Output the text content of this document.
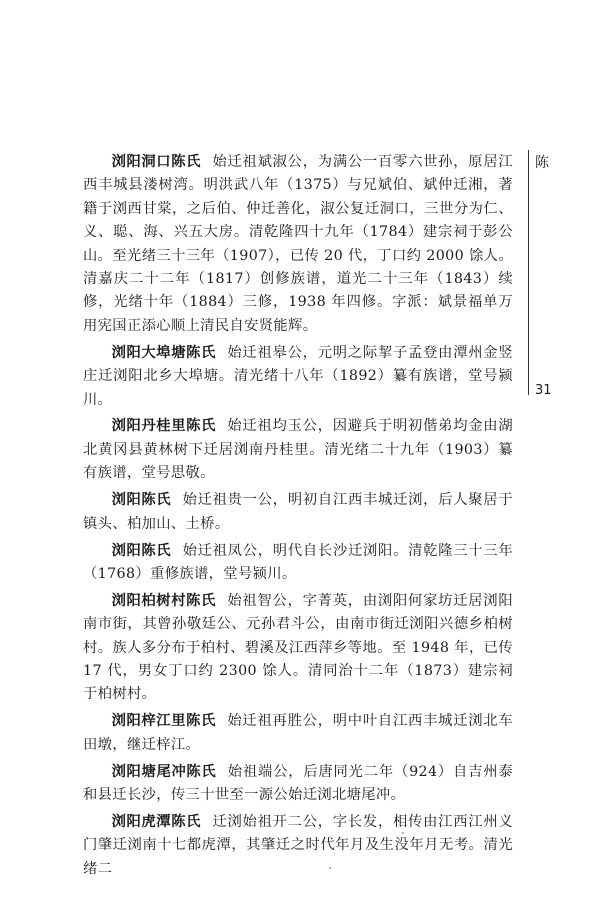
浏阳洞口陈氏 始迁祖斌淑公，为满公一百零六世孙，原居江西丰城县溇树湾。明洪武八年（1375）与兄斌伯、斌仲迁湘，著籍于浏西甘棠，之后伯、仲迁善化，淑公复迁洞口，三世分为仁、义、聪、海、兴五大房。清乾隆四十九年（1784）建宗祠于彭公山。至光绪三十三年（1907），已传 20 代，丁口约 2000 馀人。清嘉庆二十二年（1817）创修族谱，道光二十三年（1843）续修，光绪十年（1884）三修，1938 年四修。字派：斌景福单万用宪国正添心顺上清民自安贤能辉。

浏阳大埠塘陈氏 始迁祖皋公，元明之际挈子孟登由潭州金竖庄迁浏阳北乡大埠塘。清光绪十八年（1892）纂有族谱，堂号颍川。

浏阳丹桂里陈氏 始迁祖均玉公，因避兵于明初偕弟均金由湖北黄冈县黄林树下迁居浏南丹桂里。清光绪二十九年（1903）纂有族谱，堂号思敬。

浏阳陈氏 始迁祖贵一公，明初自江西丰城迁浏，后人聚居于镇头、柏加山、土桥。

浏阳陈氏 始迁祖凤公，明代自长沙迁浏阳。清乾隆三十三年（1768）重修族谱，堂号颍川。

浏阳柏树村陈氏 始祖智公，字菁英，由浏阳何家坊迁居浏阳南市街，其曾孙敬廷公、元孙君斗公，由南市街迁浏阳兴德乡柏树村。族人多分布于柏村、碧溪及江西萍乡等地。至 1948 年，已传 17 代，男女丁口约 2300 馀人。清同治十二年（1873）建宗祠于柏树村。

浏阳梓江里陈氏 始迁祖再胜公，明中叶自江西丰城迁浏北车田墩，继迁梓江。

浏阳塘尾冲陈氏 始祖端公，后唐同光二年（924）自吉州泰和县迁长沙，传三十世至一源公始迁浏北塘尾冲。

浏阳虎潭陈氏 迁浏始祖开二公，字长发，相传由江西江州义门肇迁浏南十七都虎潭，其肇迁之时代年月及生没年月无考。清光绪二

陈
31
